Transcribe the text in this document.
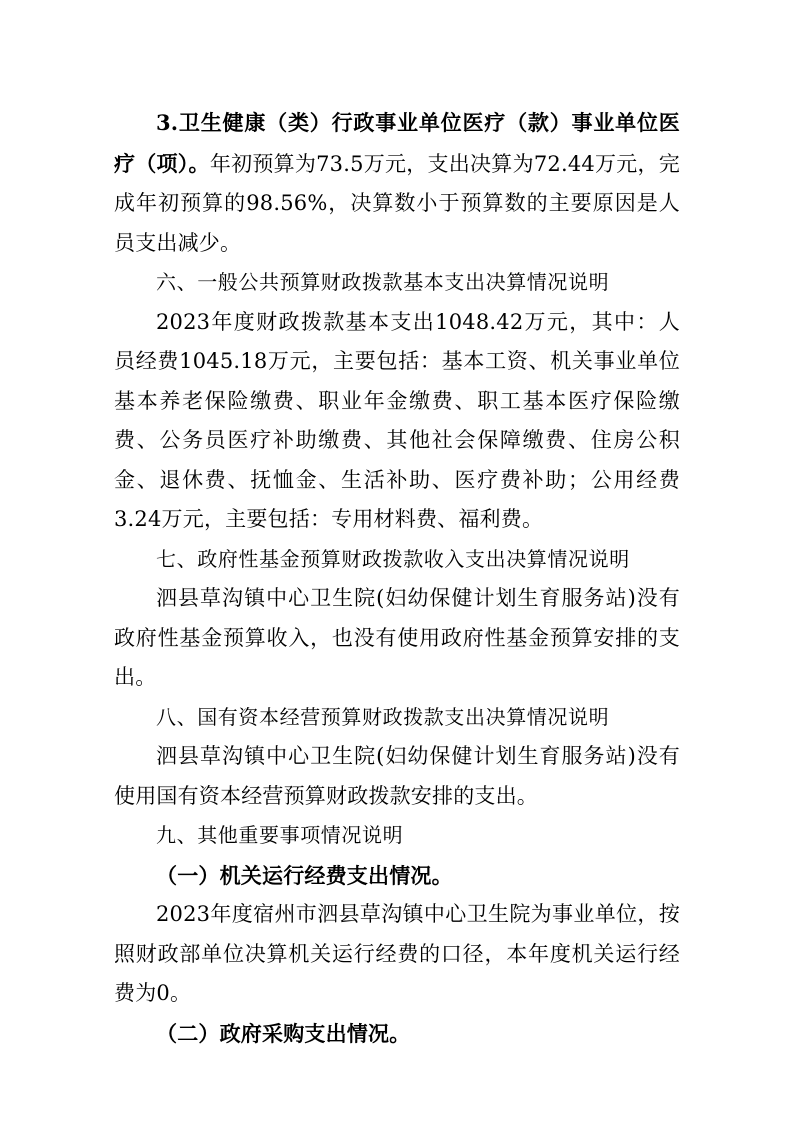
3.卫生健康（类）行政事业单位医疗（款）事业单位医疗（项）。年初预算为73.5万元，支出决算为72.44万元，完成年初预算的98.56%，决算数小于预算数的主要原因是人员支出减少。

六、一般公共预算财政拨款基本支出决算情况说明

2023年度财政拨款基本支出1048.42万元，其中：人员经费1045.18万元，主要包括：基本工资、机关事业单位基本养老保险缴费、职业年金缴费、职工基本医疗保险缴费、公务员医疗补助缴费、其他社会保障缴费、住房公积金、退休费、抚恤金、生活补助、医疗费补助；公用经费3.24万元，主要包括：专用材料费、福利费。

七、政府性基金预算财政拨款收入支出决算情况说明

泗县草沟镇中心卫生院(妇幼保健计划生育服务站)没有政府性基金预算收入，也没有使用政府性基金预算安排的支出。

八、国有资本经营预算财政拨款支出决算情况说明

泗县草沟镇中心卫生院(妇幼保健计划生育服务站)没有使用国有资本经营预算财政拨款安排的支出。

九、其他重要事项情况说明

（一）机关运行经费支出情况。

2023年度宿州市泗县草沟镇中心卫生院为事业单位，按照财政部单位决算机关运行经费的口径，本年度机关运行经费为0。

（二）政府采购支出情况。
